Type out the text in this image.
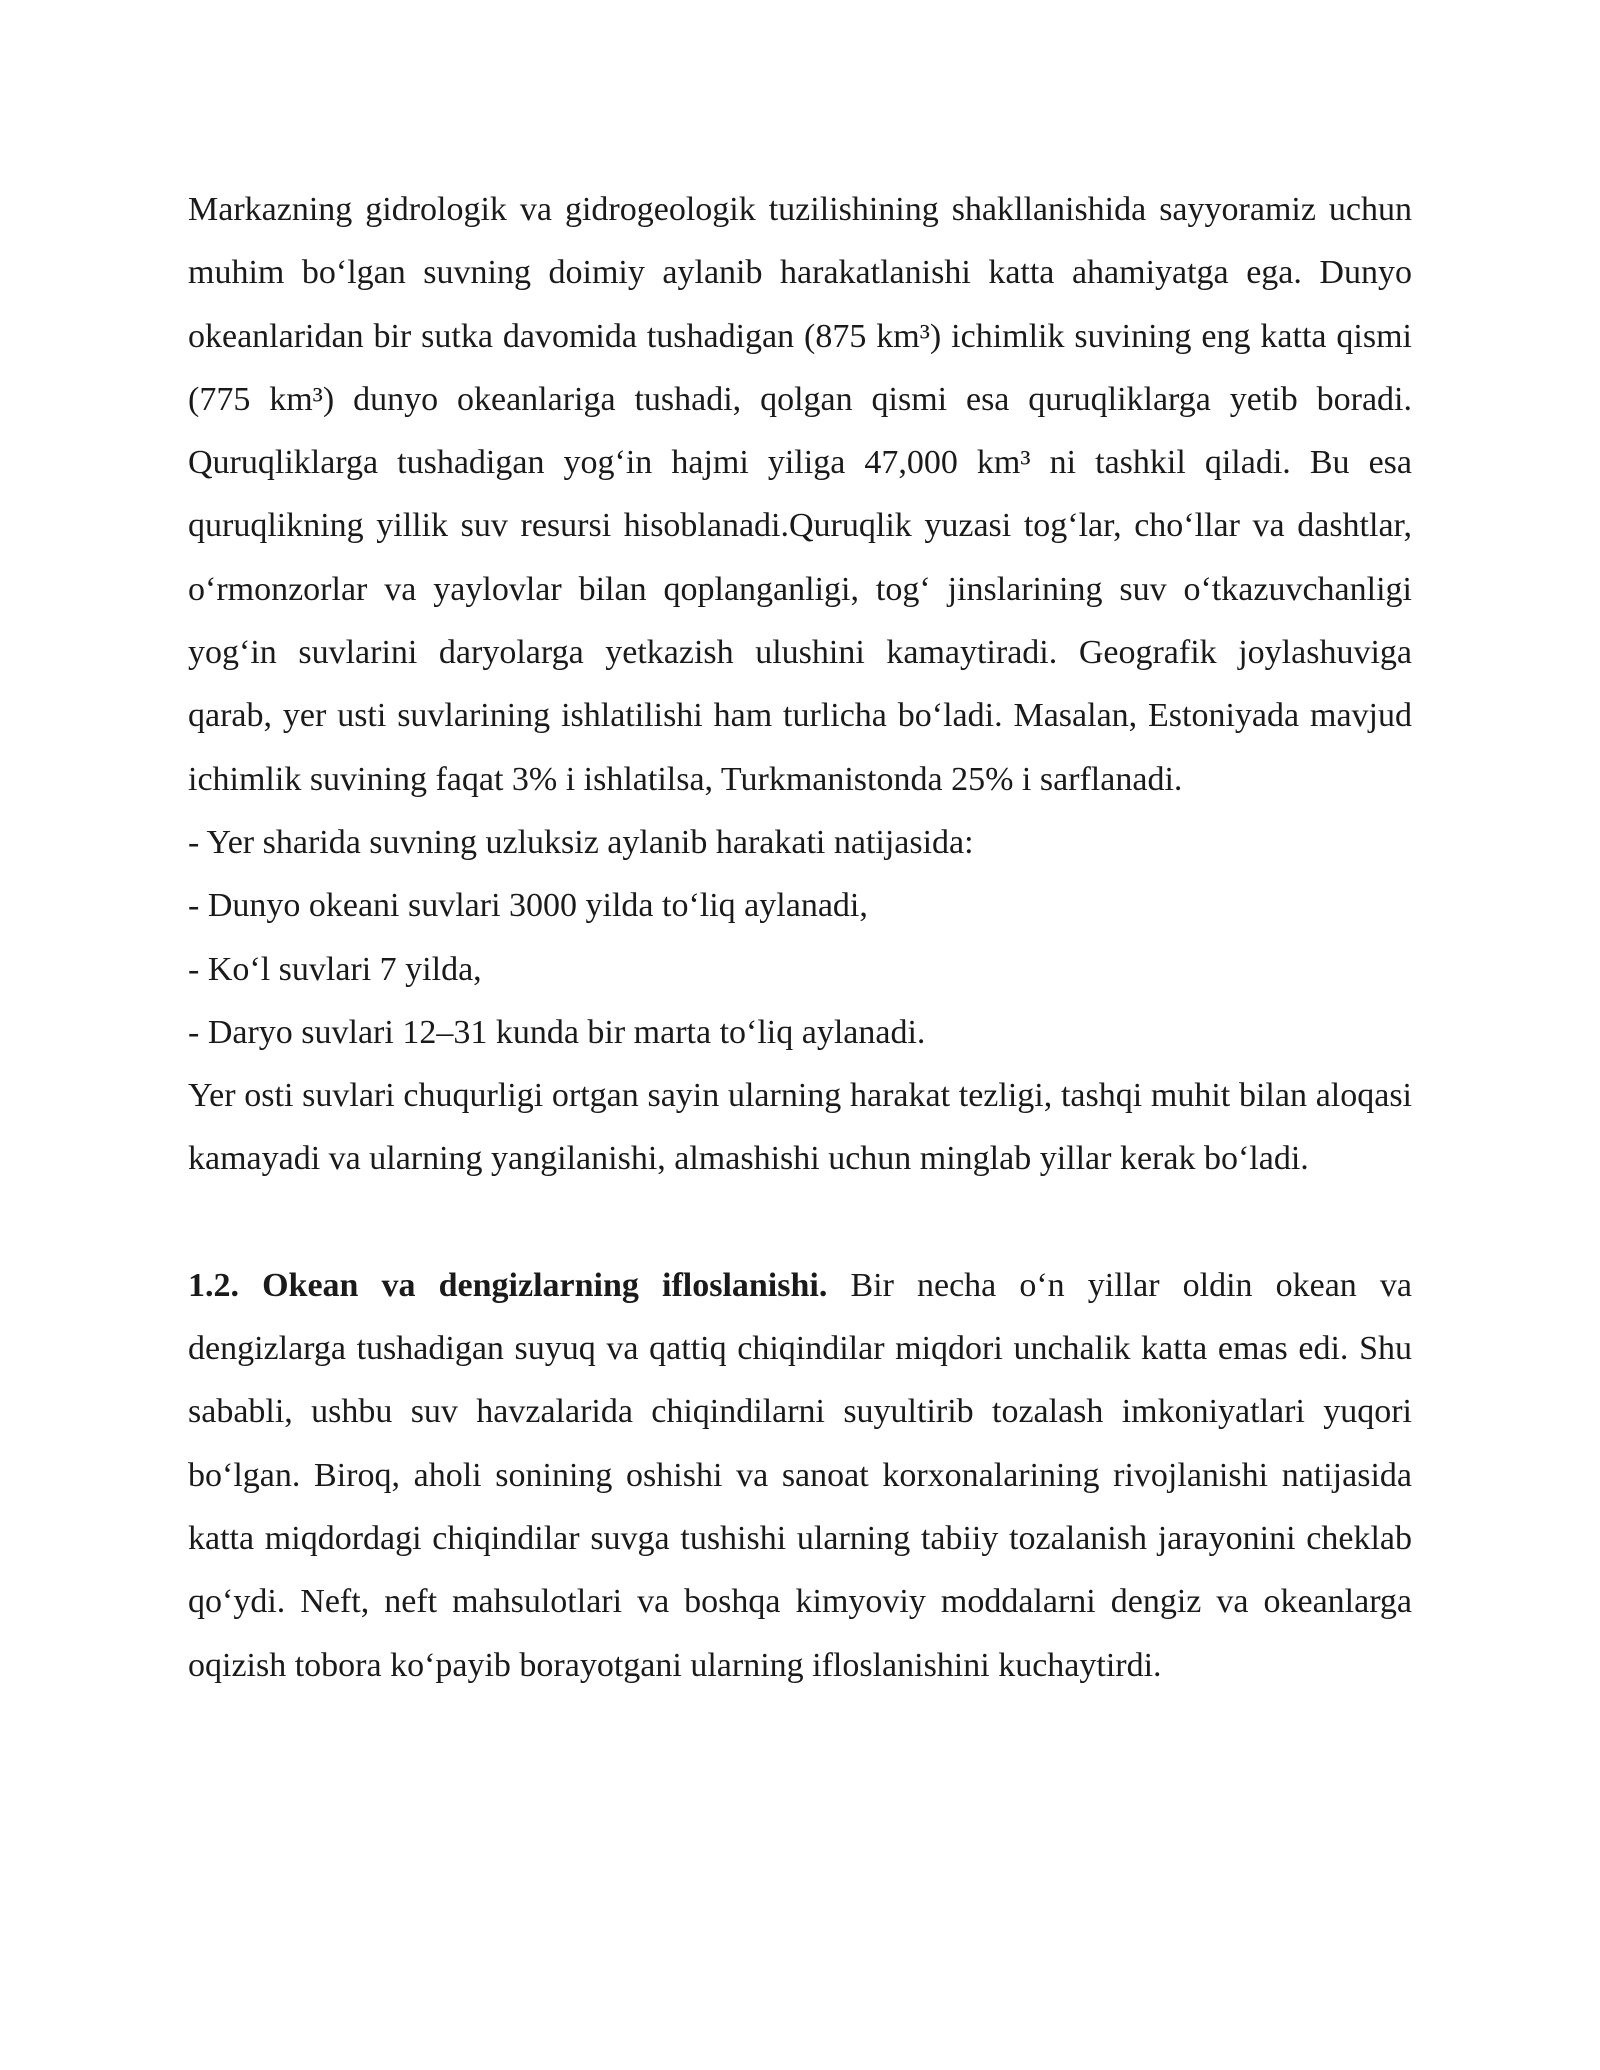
Markazning gidrologik va gidrogeologik tuzilishining shakllanishida sayyoramiz uchun muhim bo‘lgan suvning doimiy aylanib harakatlanishi katta ahamiyatga ega. Dunyo okeanlaridan bir sutka davomida tushadigan (875 km³) ichimlik suvining eng katta qismi (775 km³) dunyo okeanlariga tushadi, qolgan qismi esa quruqliklarga yetib boradi. Quruqliklarga tushadigan yog‘in hajmi yiliga 47,000 km³ ni tashkil qiladi. Bu esa quruqlikning yillik suv resursi hisoblanadi.Quruqlik yuzasi tog‘lar, cho‘llar va dashtlar, o‘rmonzorlar va yaylovlar bilan qoplanganligi, tog‘ jinslarining suv o‘tkazuvchanligi yog‘in suvlarini daryolarga yetkazish ulushini kamaytiradi. Geografik joylashuviga qarab, yer usti suvlarining ishlatilishi ham turlicha bo‘ladi. Masalan, Estoniyada mavjud ichimlik suvining faqat 3% i ishlatilsa, Turkmanistonda 25% i sarflanadi.

- Yer sharida suvning uzluksiz aylanib harakati natijasida:

- Dunyo okeani suvlari 3000 yilda to‘liq aylanadi,

- Ko‘l suvlari 7 yilda,

- Daryo suvlari 12–31 kunda bir marta to‘liq aylanadi.

Yer osti suvlari chuqurligi ortgan sayin ularning harakat tezligi, tashqi muhit bilan aloqasi kamayadi va ularning yangilanishi, almashishi uchun minglab yillar kerak bo‘ladi.

1.2. Okean va dengizlarning ifloslanishi. Bir necha o‘n yillar oldin okean va dengizlarga tushadigan suyuq va qattiq chiqindilar miqdori unchalik katta emas edi. Shu sababli, ushbu suv havzalarida chiqindilarni suyultirib tozalash imkoniyatlari yuqori bo‘lgan. Biroq, aholi sonining oshishi va sanoat korxonalarining rivojlanishi natijasida katta miqdordagi chiqindilar suvga tushishi ularning tabiiy tozalanish jarayonini cheklab qo‘ydi. Neft, neft mahsulotlari va boshqa kimyoviy moddalarni dengiz va okeanlarga oqizish tobora ko‘payib borayotgani ularning ifloslanishini kuchaytirdi.
